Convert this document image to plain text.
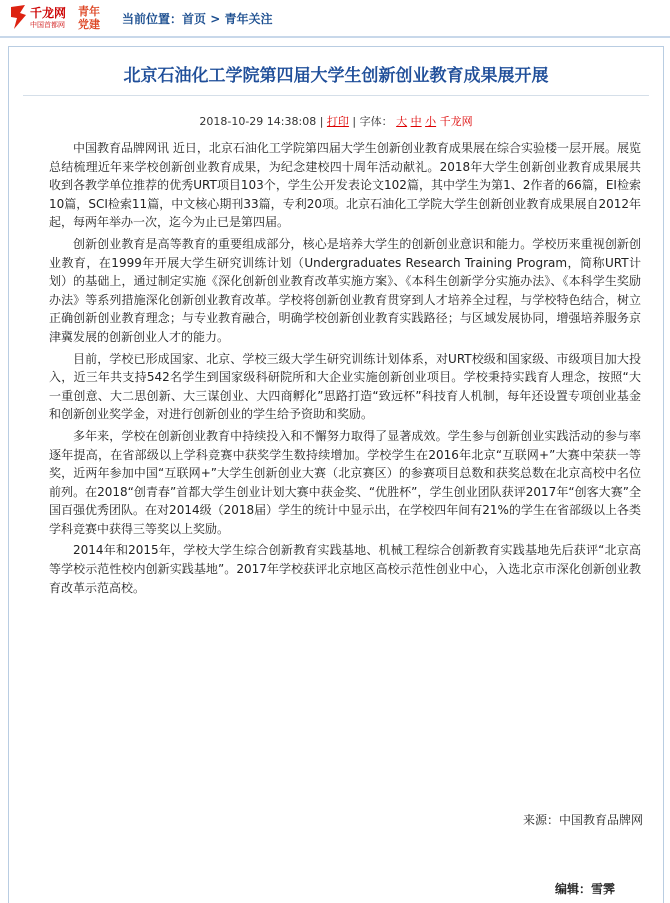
千龙网
中国首都网
青年党建	当前位置：首页 > 青年关注
北京石油化工学院第四届大学生创新创业教育成果展开展
2018-10-29 14:38:08 | 打印 | 字体： 大 中 小 千龙网

中国教育品牌网讯 近日，北京石油化工学院第四届大学生创新创业教育成果展在综合实验楼一层开展。展览总结梳理近年来学校创新创业教育成果，为纪念建校四十周年活动献礼。2018年大学生创新创业教育成果展共收到各教学单位推荐的优秀URT项目103个，学生公开发表论文102篇，其中学生为第1、2作者的66篇，EI检索10篇，SCI检索11篇，中文核心期刊33篇，专利20项。北京石油化工学院大学生创新创业教育成果展自2012年起，每两年举办一次，迄今为止已是第四届。

创新创业教育是高等教育的重要组成部分，核心是培养大学生的创新创业意识和能力。学校历来重视创新创业教育，在1999年开展大学生研究训练计划（Undergraduates Research Training Program，简称URT计划）的基础上，通过制定实施《深化创新创业教育改革实施方案》、《本科生创新学分实施办法》、《本科学生奖励办法》等系列措施深化创新创业教育改革。学校将创新创业教育贯穿到人才培养全过程，与学校特色结合，树立正确创新创业教育理念；与专业教育融合，明确学校创新创业教育实践路径；与区域发展协同，增强培养服务京津冀发展的创新创业人才的能力。

目前，学校已形成国家、北京、学校三级大学生研究训练计划体系，对URT校级和国家级、市级项目加大投入，近三年共支持542名学生到国家级科研院所和大企业实施创新创业项目。学校秉持实践育人理念，按照“大一重创意、大二思创新、大三谋创业、大四商孵化”思路打造“致远杯”科技育人机制，每年还设置专项创业基金和创新创业奖学金，对进行创新创业的学生给予资助和奖励。

多年来，学校在创新创业教育中持续投入和不懈努力取得了显著成效。学生参与创新创业实践活动的参与率逐年提高，在省部级以上学科竞赛中获奖学生数持续增加。学校学生在2016年北京“互联网+”大赛中荣获一等奖，近两年参加中国“互联网+”大学生创新创业大赛（北京赛区）的参赛项目总数和获奖总数在北京高校中名位前列。在2018“创青春”首都大学生创业计划大赛中获金奖、“优胜杯”，学生创业团队获评2017年“创客大赛”全国百强优秀团队。在对2014级（2018届）学生的统计中显示出，在学校四年间有21%的学生在省部级以上各类学科竞赛中获得三等奖以上奖励。

2014年和2015年，学校大学生综合创新教育实践基地、机械工程综合创新教育实践基地先后获评“北京高等学校示范性校内创新实践基地”。2017年学校获评北京地区高校示范性创业中心，入选北京市深化创新创业教育改革示范高校。

来源：中国教育品牌网
编辑：雪霁
